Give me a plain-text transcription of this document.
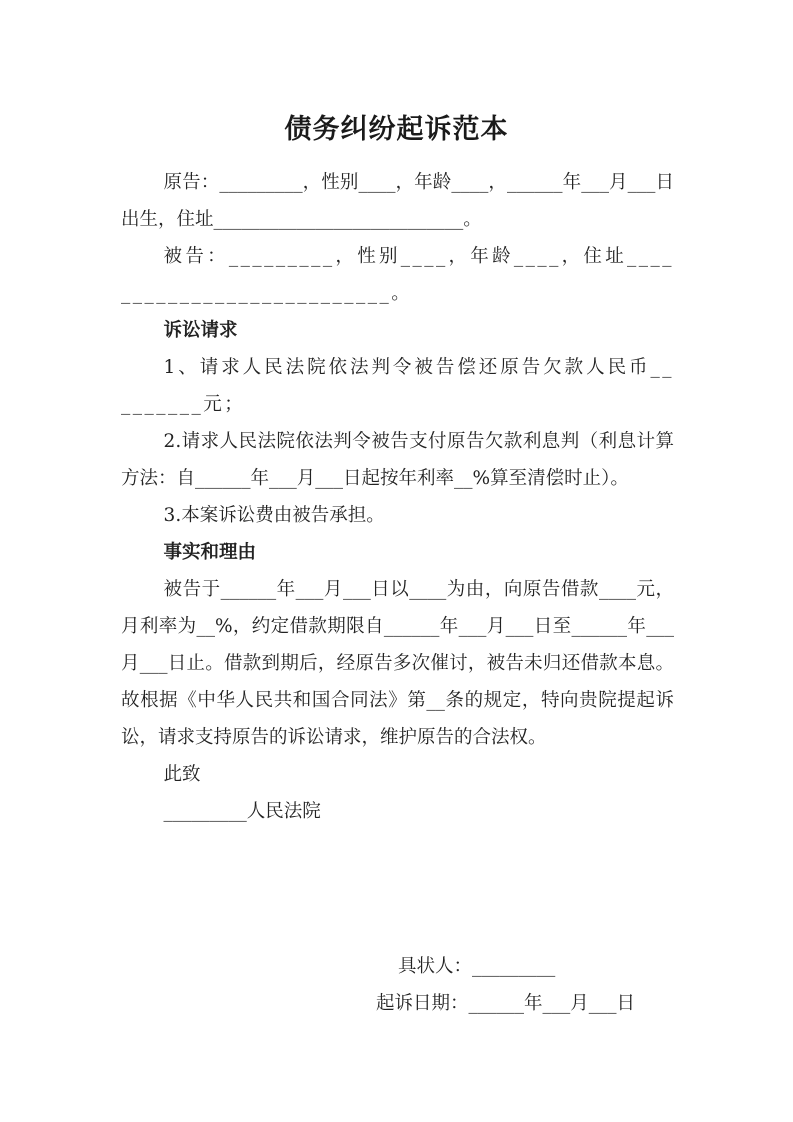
债务纠纷起诉范本

原告：_________，性别____，年龄____，______年___月___日出生，住址___________________________。

被告：_________，性别____，年龄____，住址___________________________。

诉讼请求

1、请求人民法院依法判令被告偿还原告欠款人民币_________元；

2.请求人民法院依法判令被告支付原告欠款利息判（利息计算方法：自______年___月___日起按年利率__%算至清偿时止）。

3.本案诉讼费由被告承担。

事实和理由

被告于______年___月___日以____为由，向原告借款____元，月利率为__%，约定借款期限自______年___月___日至______年___月___日止。借款到期后，经原告多次催讨，被告未归还借款本息。故根据《中华人民共和国合同法》第__条的规定，特向贵院提起诉讼，请求支持原告的诉讼请求，维护原告的合法权。

此致

_________人民法院

具状人：_________
起诉日期：______年___月___日
